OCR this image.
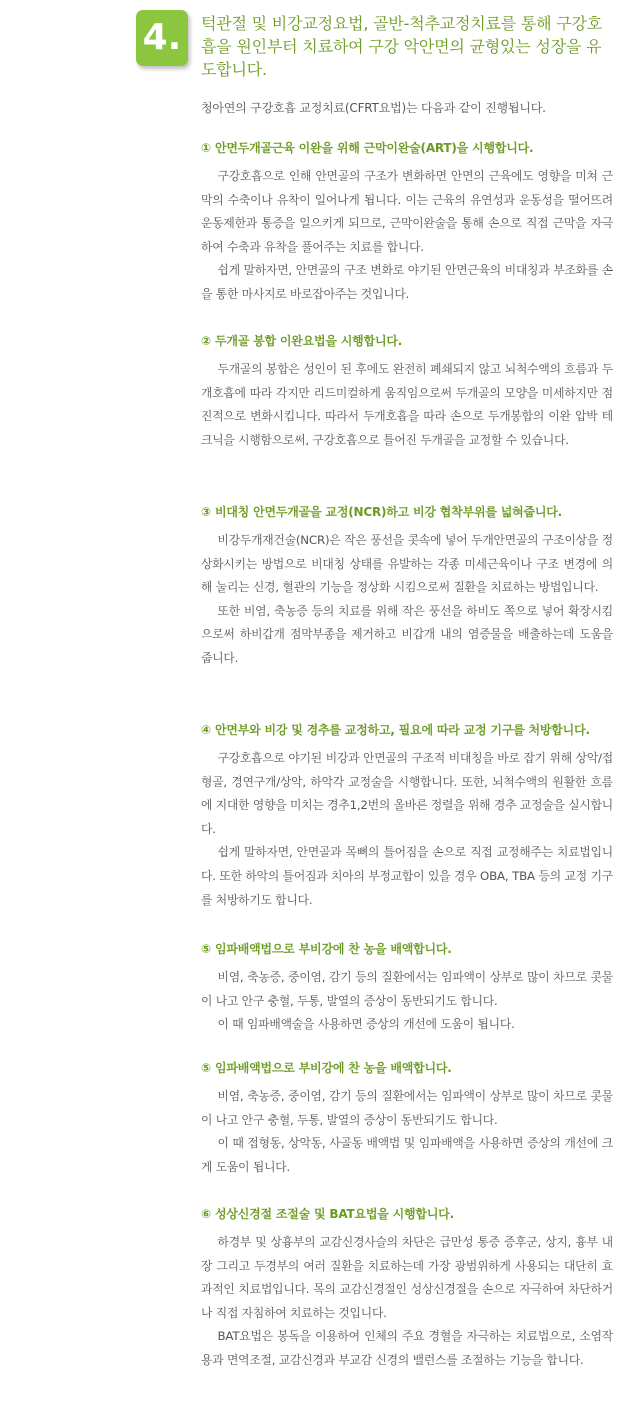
4.	턱관절 및 비강교정요법, 골반-척추교정치료를 통해 구강호흡을 원인부터 치료하여 구강 악안면의 균형있는 성장을 유도합니다.

청아연의 구강호흡 교정치료(CFRT요법)는 다음과 같이 진행됩니다.

① 안면두개골근육 이완을 위해 근막이완술(ART)을 시행합니다.

구강호흡으로 인해 안면골의 구조가 변화하면 안면의 근육에도 영향을 미쳐 근막의 수축이나 유착이 일어나게 됩니다. 이는 근육의 유연성과 운동성을 떨어뜨려 운동제한과 통증을 일으키게 되므로, 근막이완술을 통해 손으로 직접 근막을 자극하여 수축과 유착을 풀어주는 치료를 합니다.

쉽게 말하자면, 안면골의 구조 변화로 야기된 안면근육의 비대칭과 부조화를 손을 통한 마사지로 바로잡아주는 것입니다.

② 두개골 봉합 이완요법을 시행합니다.

두개골의 봉합은 성인이 된 후에도 완전히 폐쇄되지 않고 뇌척수액의 흐름과 두개호흡에 따라 각지만 리드미컬하게 움직임으로써 두개골의 모양을 미세하지만 점진적으로 변화시킵니다. 따라서 두개호흡을 따라 손으로 두개봉합의 이완 압박 테크닉을 시행함으로써, 구강호흡으로 틀어진 두개골을 교정할 수 있습니다.

③ 비대칭 안면두개골을 교정(NCR)하고 비강 협착부위를 넓혀줍니다.

비강두개재건술(NCR)은 작은 풍선을 콧속에 넣어 두개안면골의 구조이상을 정상화시키는 방법으로 비대칭 상태를 유발하는 각종 미세근육이나 구조 변경에 의해 눌리는 신경, 혈관의 기능을 정상화 시킴으로써 질환을 치료하는 방법입니다.

또한 비염, 축농증 등의 치료를 위해 작은 풍선을 하비도 쪽으로 넣어 확장시킴으로써 하비갑개 점막부종을 제거하고 비갑개 내의 염증물을 배출하는데 도움을 줍니다.

④ 안면부와 비강 및 경추를 교정하고, 필요에 따라 교정 기구를 처방합니다.

구강호흡으로 야기된 비강과 안면골의 구조적 비대칭을 바로 잡기 위해 상악/접형골, 경연구개/상악, 하악각 교정술을 시행합니다. 또한, 뇌척수액의 원활한 흐름에 지대한 영향을 미치는 경추1,2번의 올바른 정렬을 위해 경추 교정술을 실시합니다.

쉽게 말하자면, 안면골과 목뼈의 틀어짐을 손으로 직접 교정해주는 치료법입니다. 또한 하악의 틀어짐과 치아의 부정교합이 있을 경우 OBA, TBA 등의 교정 기구를 처방하기도 합니다.

⑤ 임파배액법으로 부비강에 찬 농을 배액합니다.

비염, 축농증, 중이염, 감기 등의 질환에서는 임파액이 상부로 많이 차므로 콧물이 나고 안구 충혈, 두통, 발열의 증상이 동반되기도 합니다.

이 때 임파배액술을 사용하면 증상의 개선에 도움이 됩니다.

⑤ 임파배액법으로 부비강에 찬 농을 배액합니다.

비염, 축농증, 중이염, 감기 등의 질환에서는 임파액이 상부로 많이 차므로 콧물이 나고 안구 충혈, 두통, 발열의 증상이 동반되기도 합니다.

이 때 접형동, 상악동, 사골동 배액법 및 임파배액을 사용하면 증상의 개선에 크게 도움이 됩니다.

⑥ 성상신경절 조절술 및 BAT요법을 시행합니다.

하경부 및 상흉부의 교감신경사슬의 차단은 급만성 통증 증후군, 상지, 흉부 내장 그리고 두경부의 여러 질환을 치료하는데 가장 광범위하게 사용되는 대단히 효과적인 치료법입니다. 목의 교감신경절인 성상신경절을 손으로 자극하여 차단하거나 직접 자침하여 치료하는 것입니다.

BAT요법은 봉독을 이용하여 인체의 주요 경혈을 자극하는 치료법으로, 소염작용과 면역조절, 교감신경과 부교감 신경의 밸런스를 조절하는 기능을 합니다.
